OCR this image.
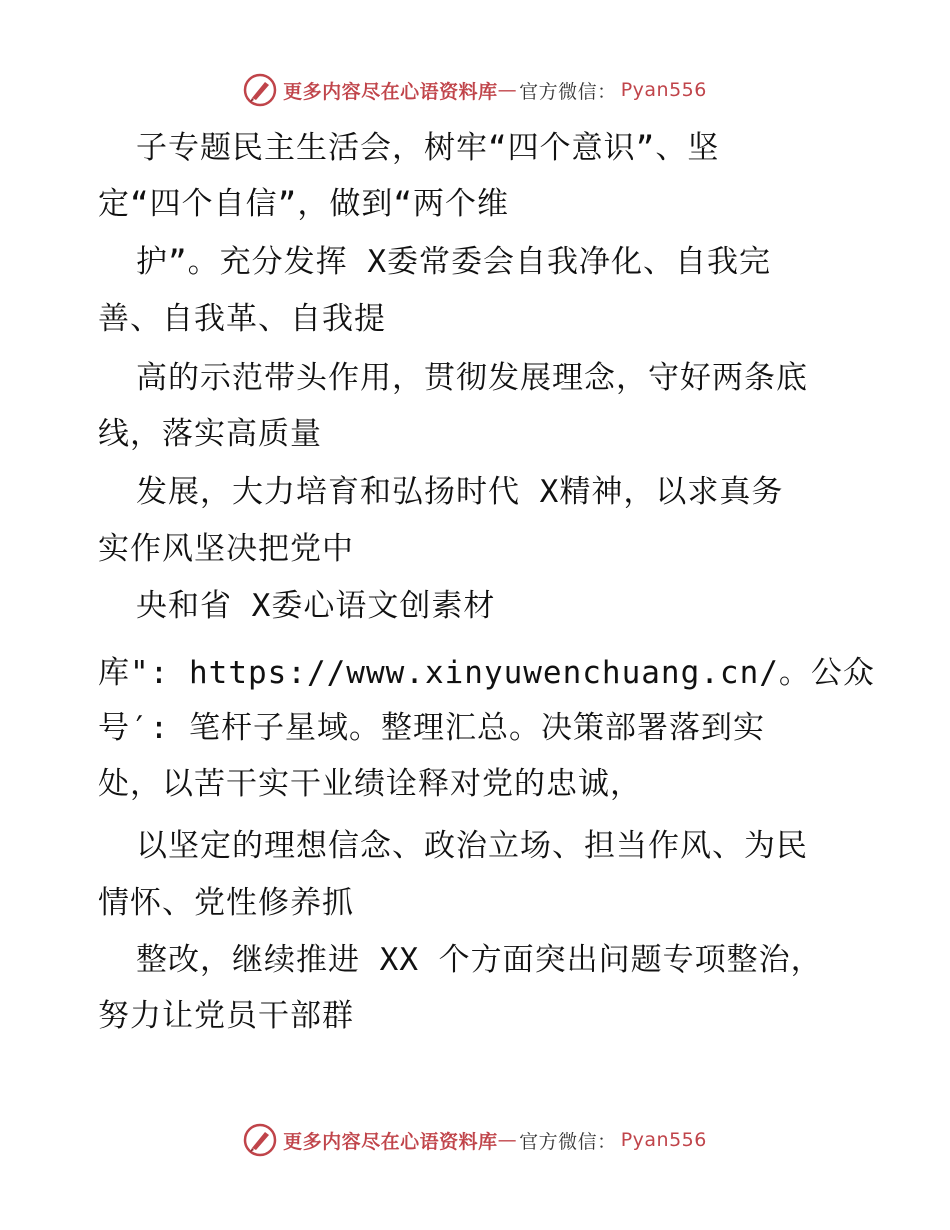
更多内容尽在心语资料库 — 官方微信： Pyan556
子专题民主生活会，树牢“四个意识”、坚
定“四个自信”，做到“两个维
护”。充分发挥 X委常委会自我净化、自我完
善、自我革、自我提
高的示范带头作用，贯彻发展理念，守好两条底
线，落实高质量
发展，大力培育和弘扬时代 X精神，以求真务
实作风坚决把党中
央和省 X委心语文创素材
库": https://www.xinyuwenchuang.cn/。公众
号′: 笔杆子星域。整理汇总。决策部署落到实
处，以苦干实干业绩诠释对党的忠诚，
以坚定的理想信念、政治立场、担当作风、为民
情怀、党性修养抓
整改，继续推进 XX 个方面突出问题专项整治，
努力让党员干部群
更多内容尽在心语资料库 — 官方微信： Pyan556
